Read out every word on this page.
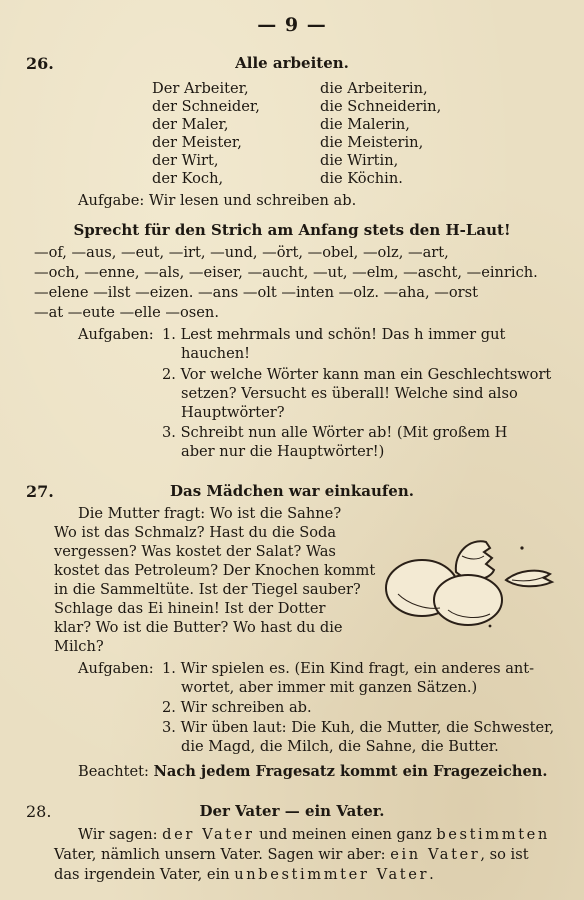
— 9 —
26.	Alle arbeiten.
Der Arbeiter,	die Arbeiterin,
der Schneider,	die Schneiderin,
der Maler,	die Malerin,
der Meister,	die Meisterin,
der Wirt,	die Wirtin,
der Koch,	die Köchin.
Aufgabe: Wir lesen und schreiben ab.
Sprecht für den Strich am Anfang stets den H-Laut!
—of, —aus, —eut, —irt, —und, —ört, —obel, —olz, —art,
—och, —enne, —als, —eiser, —aucht, —ut, —elm, —ascht, —einrich.
—elene —ilst —eizen. —ans —olt —inten —olz. —aha, —orst
—at —eute —elle —osen.
Aufgaben: 1. Lest mehrmals und schön! Das h immer gut
hauchen!
2. Vor welche Wörter kann man ein Geschlechtswort
setzen? Versucht es überall! Welche sind also
Hauptwörter?
3. Schreibt nun alle Wörter ab! (Mit großem H
aber nur die Hauptwörter!)
27.	Das Mädchen war einkaufen.
Die Mutter fragt: Wo ist die Sahne?
Wo ist das Schmalz? Hast du die Soda
vergessen? Was kostet der Salat? Was
kostet das Petroleum? Der Knochen kommt
in die Sammeltüte. Ist der Tiegel sauber?
Schlage das Ei hinein! Ist der Dotter
klar? Wo ist die Butter? Wo hast du die
Milch?
Aufgaben: 1. Wir spielen es. (Ein Kind fragt, ein anderes ant-
wortet, aber immer mit ganzen Sätzen.)
2. Wir schreiben ab.
3. Wir üben laut: Die Kuh, die Mutter, die Schwester,
die Magd, die Milch, die Sahne, die Butter.
Beachtet: Nach jedem Fragesatz kommt ein Fragezeichen.
28.	Der Vater — ein Vater.
Wir sagen: der Vater und meinen einen ganz bestimmten
Vater, nämlich unsern Vater. Sagen wir aber: ein Vater, so ist
das irgendein Vater, ein unbestimmter Vater.
